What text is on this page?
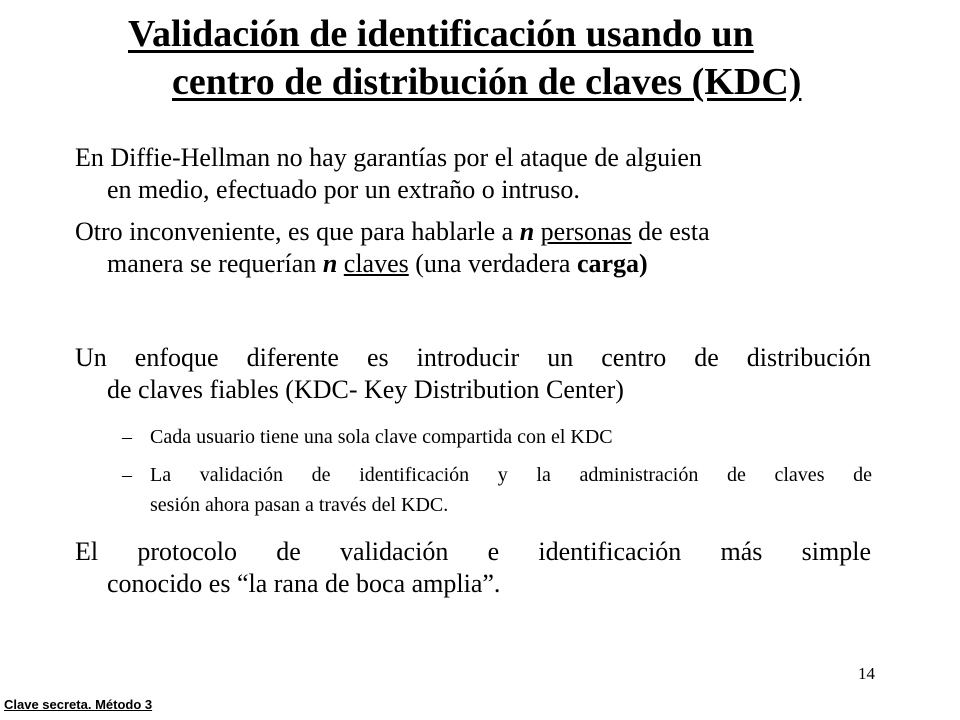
Validación de identificación usando un
centro de distribución de claves (KDC)

En Diffie-Hellman no hay garantías por el ataque de alguien
en medio, efectuado por un extraño o intruso.

Otro inconveniente, es que para hablarle a n personas de esta
manera se requerían n claves (una verdadera carga)

Un enfoque diferente es introducir un centro de distribución

de claves fiables (KDC- Key Distribution Center)

– Cada usuario tiene una sola clave compartida con el KDC
– La validación de identificación y la administración de claves de
sesión ahora pasan a través del KDC.

El protocolo de validación e identificación más simple

conocido es “la rana de boca amplia”.

14
Clave secreta. Método 3
